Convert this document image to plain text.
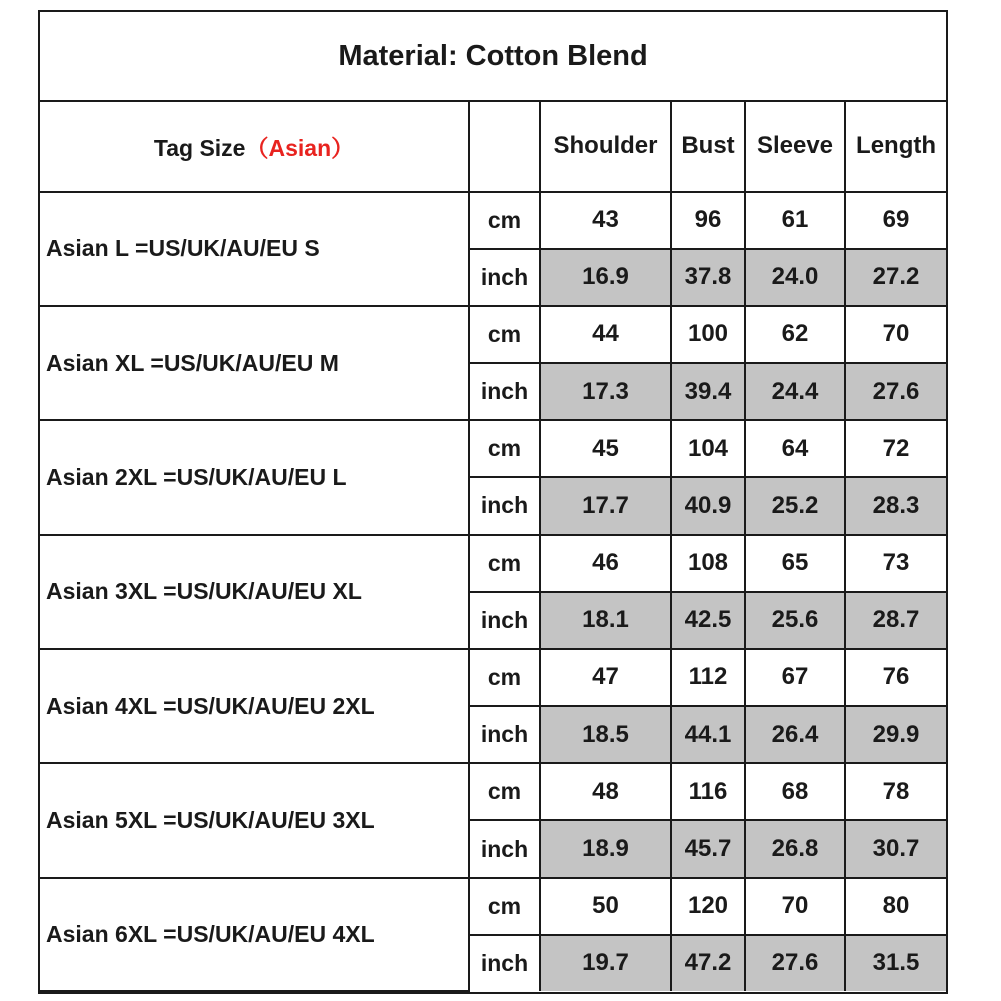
Material: Cotton Blend					
Tag Size（Asian）		Shoulder	Bust	Sleeve	Length
Asian L =US/UK/AU/EU S	cm	43	96	61	69
	inch	16.9	37.8	24.0	27.2
Asian XL =US/UK/AU/EU M	cm	44	100	62	70
	inch	17.3	39.4	24.4	27.6
Asian 2XL =US/UK/AU/EU L	cm	45	104	64	72
	inch	17.7	40.9	25.2	28.3
Asian 3XL =US/UK/AU/EU XL	cm	46	108	65	73
	inch	18.1	42.5	25.6	28.7
Asian 4XL =US/UK/AU/EU 2XL	cm	47	112	67	76
	inch	18.5	44.1	26.4	29.9
Asian 5XL =US/UK/AU/EU 3XL	cm	48	116	68	78
	inch	18.9	45.7	26.8	30.7
Asian 6XL =US/UK/AU/EU 4XL	cm	50	120	70	80
	inch	19.7	47.2	27.6	31.5
